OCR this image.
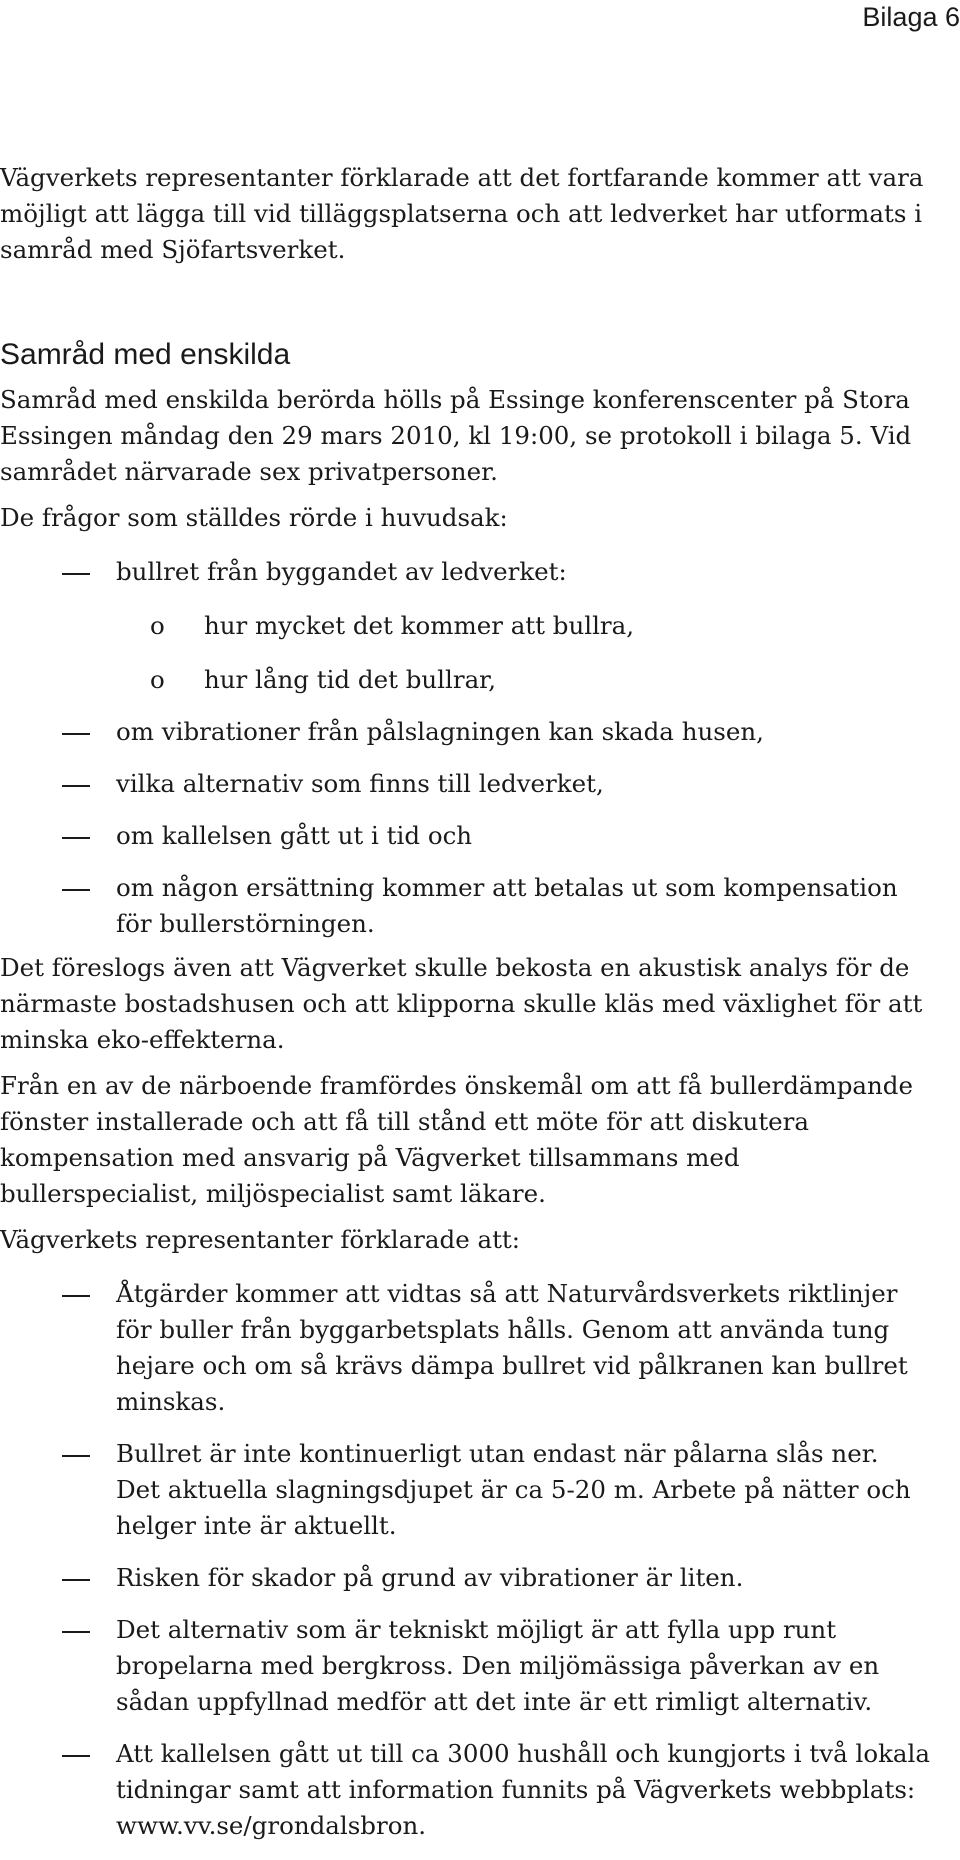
Bilaga 6

Vägverkets representanter förklarade att det fortfarande kommer att vara möjligt att lägga till vid tilläggsplatserna och att ledverket har utformats i samråd med Sjöfartsverket.

Samråd med enskilda

Samråd med enskilda berörda hölls på Essinge konferenscenter på Stora Essingen måndag den 29 mars 2010, kl 19:00, se protokoll i bilaga 5. Vid samrådet närvarade sex privatpersoner.

De frågor som ställdes rörde i huvudsak:

bullret från byggandet av ledverket:
o hur mycket det kommer att bullra,
o hur lång tid det bullrar,
om vibrationer från pålslagningen kan skada husen,
vilka alternativ som finns till ledverket,
om kallelsen gått ut i tid och
om någon ersättning kommer att betalas ut som kompensation för bullerstörningen.

Det föreslogs även att Vägverket skulle bekosta en akustisk analys för de närmaste bostadshusen och att klipporna skulle kläs med växlighet för att minska eko-effekterna.

Från en av de närboende framfördes önskemål om att få bullerdämpande fönster installerade och att få till stånd ett möte för att diskutera kompensation med ansvarig på Vägverket tillsammans med bullerspecialist, miljöspecialist samt läkare.

Vägverkets representanter förklarade att:

Åtgärder kommer att vidtas så att Naturvårdsverkets riktlinjer för buller från byggarbetsplats hålls. Genom att använda tung hejare och om så krävs dämpa bullret vid pålkranen kan bullret minskas.
Bullret är inte kontinuerligt utan endast när pålarna slås ner. Det aktuella slagningsdjupet är ca 5-20 m. Arbete på nätter och helger inte är aktuellt.
Risken för skador på grund av vibrationer är liten.
Det alternativ som är tekniskt möjligt är att fylla upp runt bropelarna med bergkross. Den miljömässiga påverkan av en sådan uppfyllnad medför att det inte är ett rimligt alternativ.
Att kallelsen gått ut till ca 3000 hushåll och kungjorts i två lokala tidningar samt att information funnits på Vägverkets webbplats: www.vv.se/grondalsbron.
